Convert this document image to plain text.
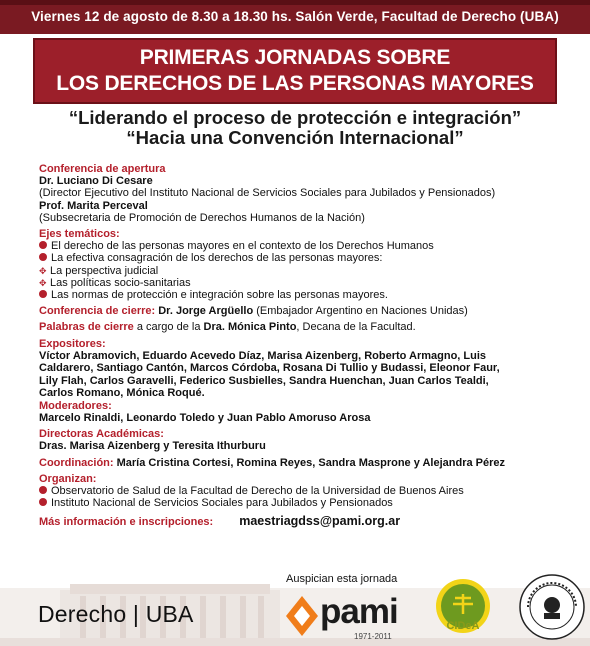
Viernes 12 de agosto de 8.30 a 18.30 hs. Salón Verde, Facultad de Derecho (UBA)
PRIMERAS JORNADAS SOBRE
LOS DERECHOS DE LAS PERSONAS MAYORES
“Liderando el proceso de protección e integración”
“Hacia una Convención Internacional”
Conferencia de apertura
Dr. Luciano Di Cesare
(Director Ejecutivo del Instituto Nacional de Servicios Sociales para Jubilados y Pensionados)
Prof. Marita Perceval
(Subsecretaria de Promoción de Derechos Humanos de la Nación)
Ejes temáticos:
El derecho de las personas mayores en el contexto de los Derechos Humanos
La efectiva consagración de los derechos de las personas mayores:
✥ La perspectiva judicial
✥ Las políticas socio-sanitarias
Las normas de protección e integración sobre las personas mayores.
Conferencia de cierre: Dr. Jorge Argüello (Embajador Argentino en Naciones Unidas)
Palabras de cierre a cargo de la Dra. Mónica Pinto, Decana de la Facultad.
Expositores:
Víctor Abramovich, Eduardo Acevedo Díaz, Marisa Aizenberg, Roberto Armagno, Luis
Caldarero, Santiago Cantón, Marcos Córdoba, Rosana Di Tullio y Budassi, Eleonor Faur,
Lily Flah, Carlos Garavelli, Federico Susbielles, Sandra Huenchan, Juan Carlos Tealdi,
Carlos Romano, Mónica Roqué.
Moderadores:
Marcelo Rinaldi, Leonardo Toledo y Juan Pablo Amoruso Arosa
Directoras Académicas:
Dras. Marisa Aizenberg y Teresita Ithurburu
Coordinación: María Cristina Cortesi, Romina Reyes, Sandra Masprone y Alejandra Pérez
Organizan:
Observatorio de Salud de la Facultad de Derecho de la Universidad de Buenos Aires
Instituto Nacional de Servicios Sociales para Jubilados y Pensionados
Más información e inscripciones: maestriagdss@pami.org.ar
Auspician esta jornada
Derecho | UBA	pami
1971-2011
CIDeA
